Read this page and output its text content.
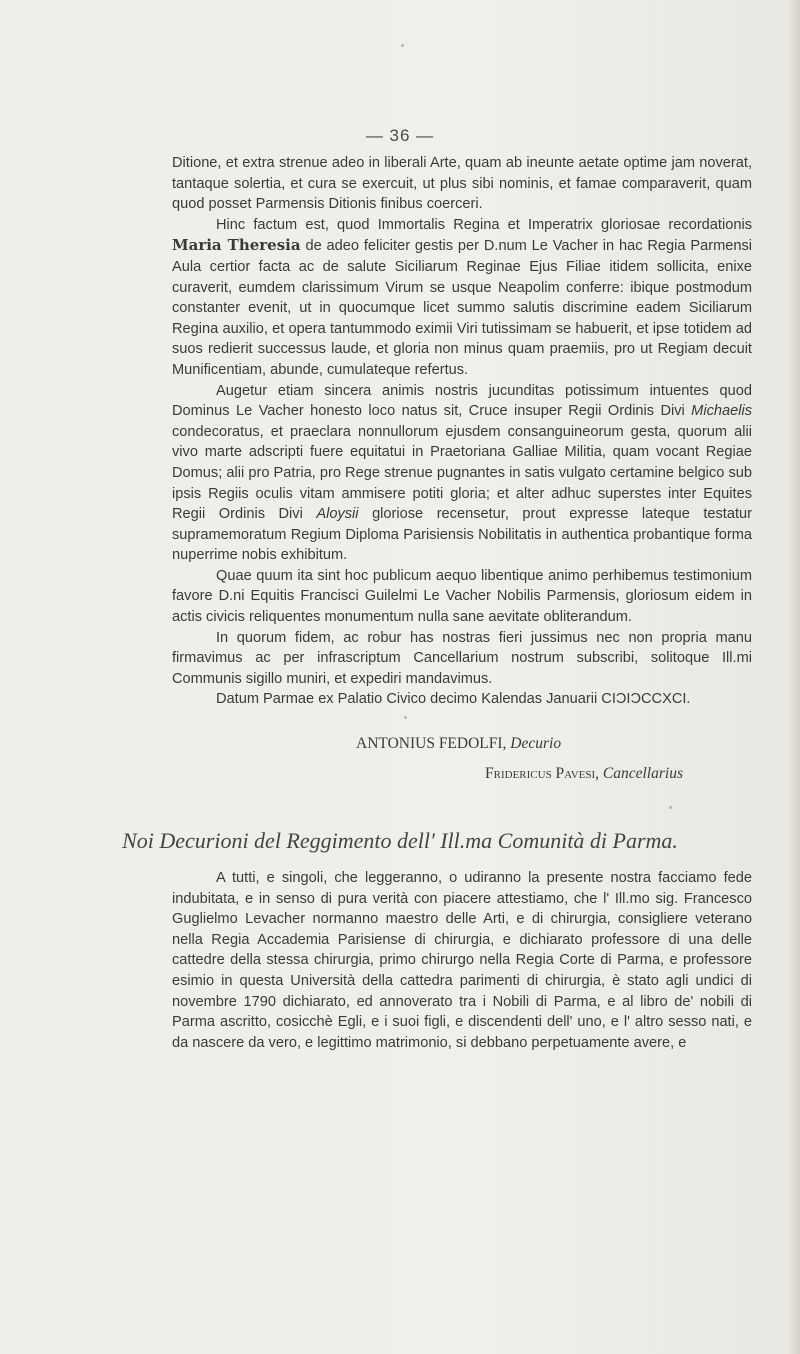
— 36 —

Ditione, et extra strenue adeo in liberali Arte, quam ab ineunte aetate optime jam noverat, tantaque solertia, et cura se exercuit, ut plus sibi nominis, et famae comparaverit, quam quod posset Parmensis Ditionis finibus coerceri.

Hinc factum est, quod Immortalis Regina et Imperatrix gloriosae recordationis Maria Theresia de adeo feliciter gestis per D.num Le Vacher in hac Regia Parmensi Aula certior facta ac de salute Siciliarum Reginae Ejus Filiae itidem sollicita, enixe curaverit, eumdem clarissimum Virum se usque Neapolim conferre: ibique postmodum constanter evenit, ut in quocumque licet summo salutis discrimine eadem Siciliarum Regina auxilio, et opera tantummodo eximii Viri tutissimam se habuerit, et ipse totidem ad suos redierit successus laude, et gloria non minus quam praemiis, pro ut Regiam decuit Munificentiam, abunde, cumulateque refertus.

Augetur etiam sincera animis nostris jucunditas potissimum intuentes quod Dominus Le Vacher honesto loco natus sit, Cruce insuper Regii Ordinis Divi Michaelis condecoratus, et praeclara nonnullorum ejusdem consanguineorum gesta, quorum alii vivo marte adscripti fuere equitatui in Praetoriana Galliae Militia, quam vocant Regiae Domus; alii pro Patria, pro Rege strenue pugnantes in satis vulgato certamine belgico sub ipsis Regiis oculis vitam ammisere potiti gloria; et alter adhuc superstes inter Equites Regii Ordinis Divi Aloysii gloriose recensetur, prout expresse lateque testatur supramemoratum Regium Diploma Parisiensis Nobilitatis in authentica probantique forma nuperrime nobis exhibitum.

Quae quum ita sint hoc publicum aequo libentique animo perhibemus testimonium favore D.ni Equitis Francisci Guilelmi Le Vacher Nobilis Parmensis, gloriosum eidem in actis civicis reliquentes monumentum nulla sane aevitate obliterandum.

In quorum fidem, ac robur has nostras fieri jussimus nec non propria manu firmavimus ac per infrascriptum Cancellarium nostrum subscribi, solitoque Ill.mi Communis sigillo muniri, et expediri mandavimus.

Datum Parmae ex Palatio Civico decimo Kalendas Januarii CIƆIƆCCXCI.

ANTONIUS FEDOLFI, Decurio
Fridericus Pavesi, Cancellarius
Noi Decurioni del Reggimento dell' Ill.ma Comunità di Parma.

A tutti, e singoli, che leggeranno, o udiranno la presente nostra facciamo fede indubitata, e in senso di pura verità con piacere attestiamo, che l' Ill.mo sig. Francesco Guglielmo Levacher normanno maestro delle Arti, e di chirurgia, consigliere veterano nella Regia Accademia Parisiense di chirurgia, e dichiarato professore di una delle cattedre della stessa chirurgia, primo chirurgo nella Regia Corte di Parma, e professore esimio in questa Università della cattedra parimenti di chirurgia, è stato agli undici di novembre 1790 dichiarato, ed annoverato tra i Nobili di Parma, e al libro de' nobili di Parma ascritto, cosicchè Egli, e i suoi figli, e discendenti dell' uno, e l' altro sesso nati, e da nascere da vero, e legittimo matrimonio, si debbano perpetuamente avere, e
